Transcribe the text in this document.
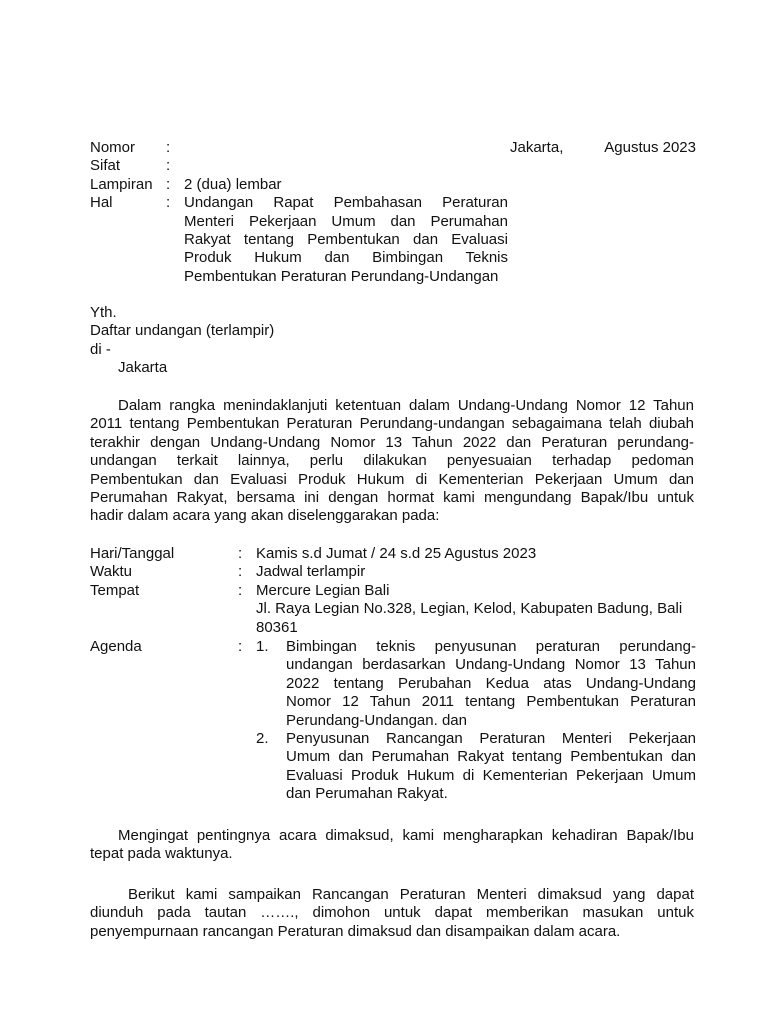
Nomor	:
Sifat	:
Lampiran : 2 (dua) lembar
Hal	: Undangan Rapat Pembahasan Peraturan
Menteri Pekerjaan Umum dan Perumahan
Rakyat tentang Pembentukan dan Evaluasi
Produk Hukum dan Bimbingan Teknis
Pembentukan Peraturan Perundang-Undangan
Jakarta,	Agustus 2023
Yth.
Daftar undangan (terlampir)
di -
Jakarta
Dalam rangka menindaklanjuti ketentuan dalam Undang-Undang Nomor 12 Tahun
2011 tentang Pembentukan Peraturan Perundang-undangan sebagaimana telah diubah
terakhir dengan Undang-Undang Nomor 13 Tahun 2022 dan Peraturan perundang-
undangan terkait lainnya, perlu dilakukan penyesuaian terhadap pedoman
Pembentukan dan Evaluasi Produk Hukum di Kementerian Pekerjaan Umum dan
Perumahan Rakyat, bersama ini dengan hormat kami mengundang Bapak/Ibu untuk
hadir dalam acara yang akan diselenggarakan pada:
Hari/Tanggal	: Kamis s.d Jumat / 24 s.d 25 Agustus 2023
Waktu	: Jadwal terlampir
Tempat	: Mercure Legian Bali
Jl. Raya Legian No.328, Legian, Kelod, Kabupaten Badung, Bali
80361
Agenda	: 1.	Bimbingan teknis penyusunan peraturan perundang-
undangan berdasarkan Undang-Undang Nomor 13 Tahun
2022 tentang Perubahan Kedua atas Undang-Undang
Nomor 12 Tahun 2011 tentang Pembentukan Peraturan
Perundang-Undangan. dan
2.	Penyusunan Rancangan Peraturan Menteri Pekerjaan
Umum dan Perumahan Rakyat tentang Pembentukan dan
Evaluasi Produk Hukum di Kementerian Pekerjaan Umum
dan Perumahan Rakyat.
Mengingat pentingnya acara dimaksud, kami mengharapkan kehadiran Bapak/Ibu
tepat pada waktunya.
Berikut kami sampaikan Rancangan Peraturan Menteri dimaksud yang dapat
diunduh pada tautan ……., dimohon untuk dapat memberikan masukan untuk
penyempurnaan rancangan Peraturan dimaksud dan disampaikan dalam acara.
